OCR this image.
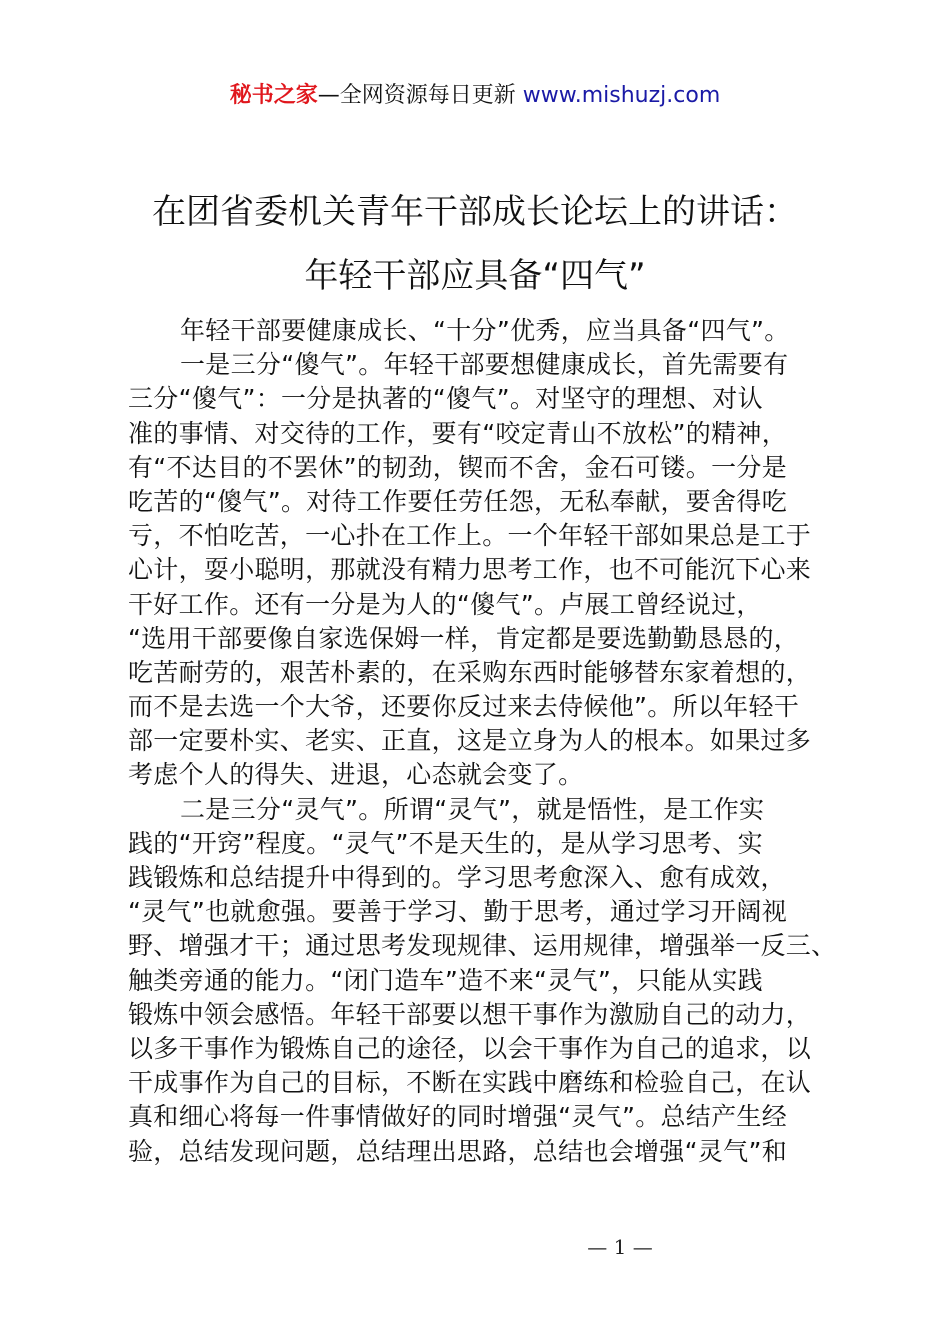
秘书之家—全网资源每日更新 www.mishuzj.com
在团省委机关青年干部成长论坛上的讲话：
年轻干部应具备“四气”
年轻干部要健康成长、“十分”优秀，应当具备“四气”。
一是三分“傻气”。年轻干部要想健康成长，首先需要有
三分“傻气”：一分是执著的“傻气”。对坚守的理想、对认
准的事情、对交待的工作，要有“咬定青山不放松”的精神，
有“不达目的不罢休”的韧劲，锲而不舍，金石可镂。一分是
吃苦的“傻气”。对待工作要任劳任怨，无私奉献，要舍得吃
亏，不怕吃苦，一心扑在工作上。一个年轻干部如果总是工于
心计，耍小聪明，那就没有精力思考工作，也不可能沉下心来
干好工作。还有一分是为人的“傻气”。卢展工曾经说过，
“选用干部要像自家选保姆一样，肯定都是要选勤勤恳恳的，
吃苦耐劳的，艰苦朴素的，在采购东西时能够替东家着想的，
而不是去选一个大爷，还要你反过来去侍候他”。所以年轻干
部一定要朴实、老实、正直，这是立身为人的根本。如果过多
考虑个人的得失、进退，心态就会变了。
二是三分“灵气”。所谓“灵气”，就是悟性，是工作实
践的“开窍”程度。“灵气”不是天生的，是从学习思考、实
践锻炼和总结提升中得到的。学习思考愈深入、愈有成效，
“灵气”也就愈强。要善于学习、勤于思考，通过学习开阔视
野、增强才干；通过思考发现规律、运用规律，增强举一反三、
触类旁通的能力。“闭门造车”造不来“灵气”，只能从实践
锻炼中领会感悟。年轻干部要以想干事作为激励自己的动力，
以多干事作为锻炼自己的途径，以会干事作为自己的追求，以
干成事作为自己的目标，不断在实践中磨练和检验自己，在认
真和细心将每一件事情做好的同时增强“灵气”。总结产生经
验，总结发现问题，总结理出思路，总结也会增强“灵气”和
— 1 —
